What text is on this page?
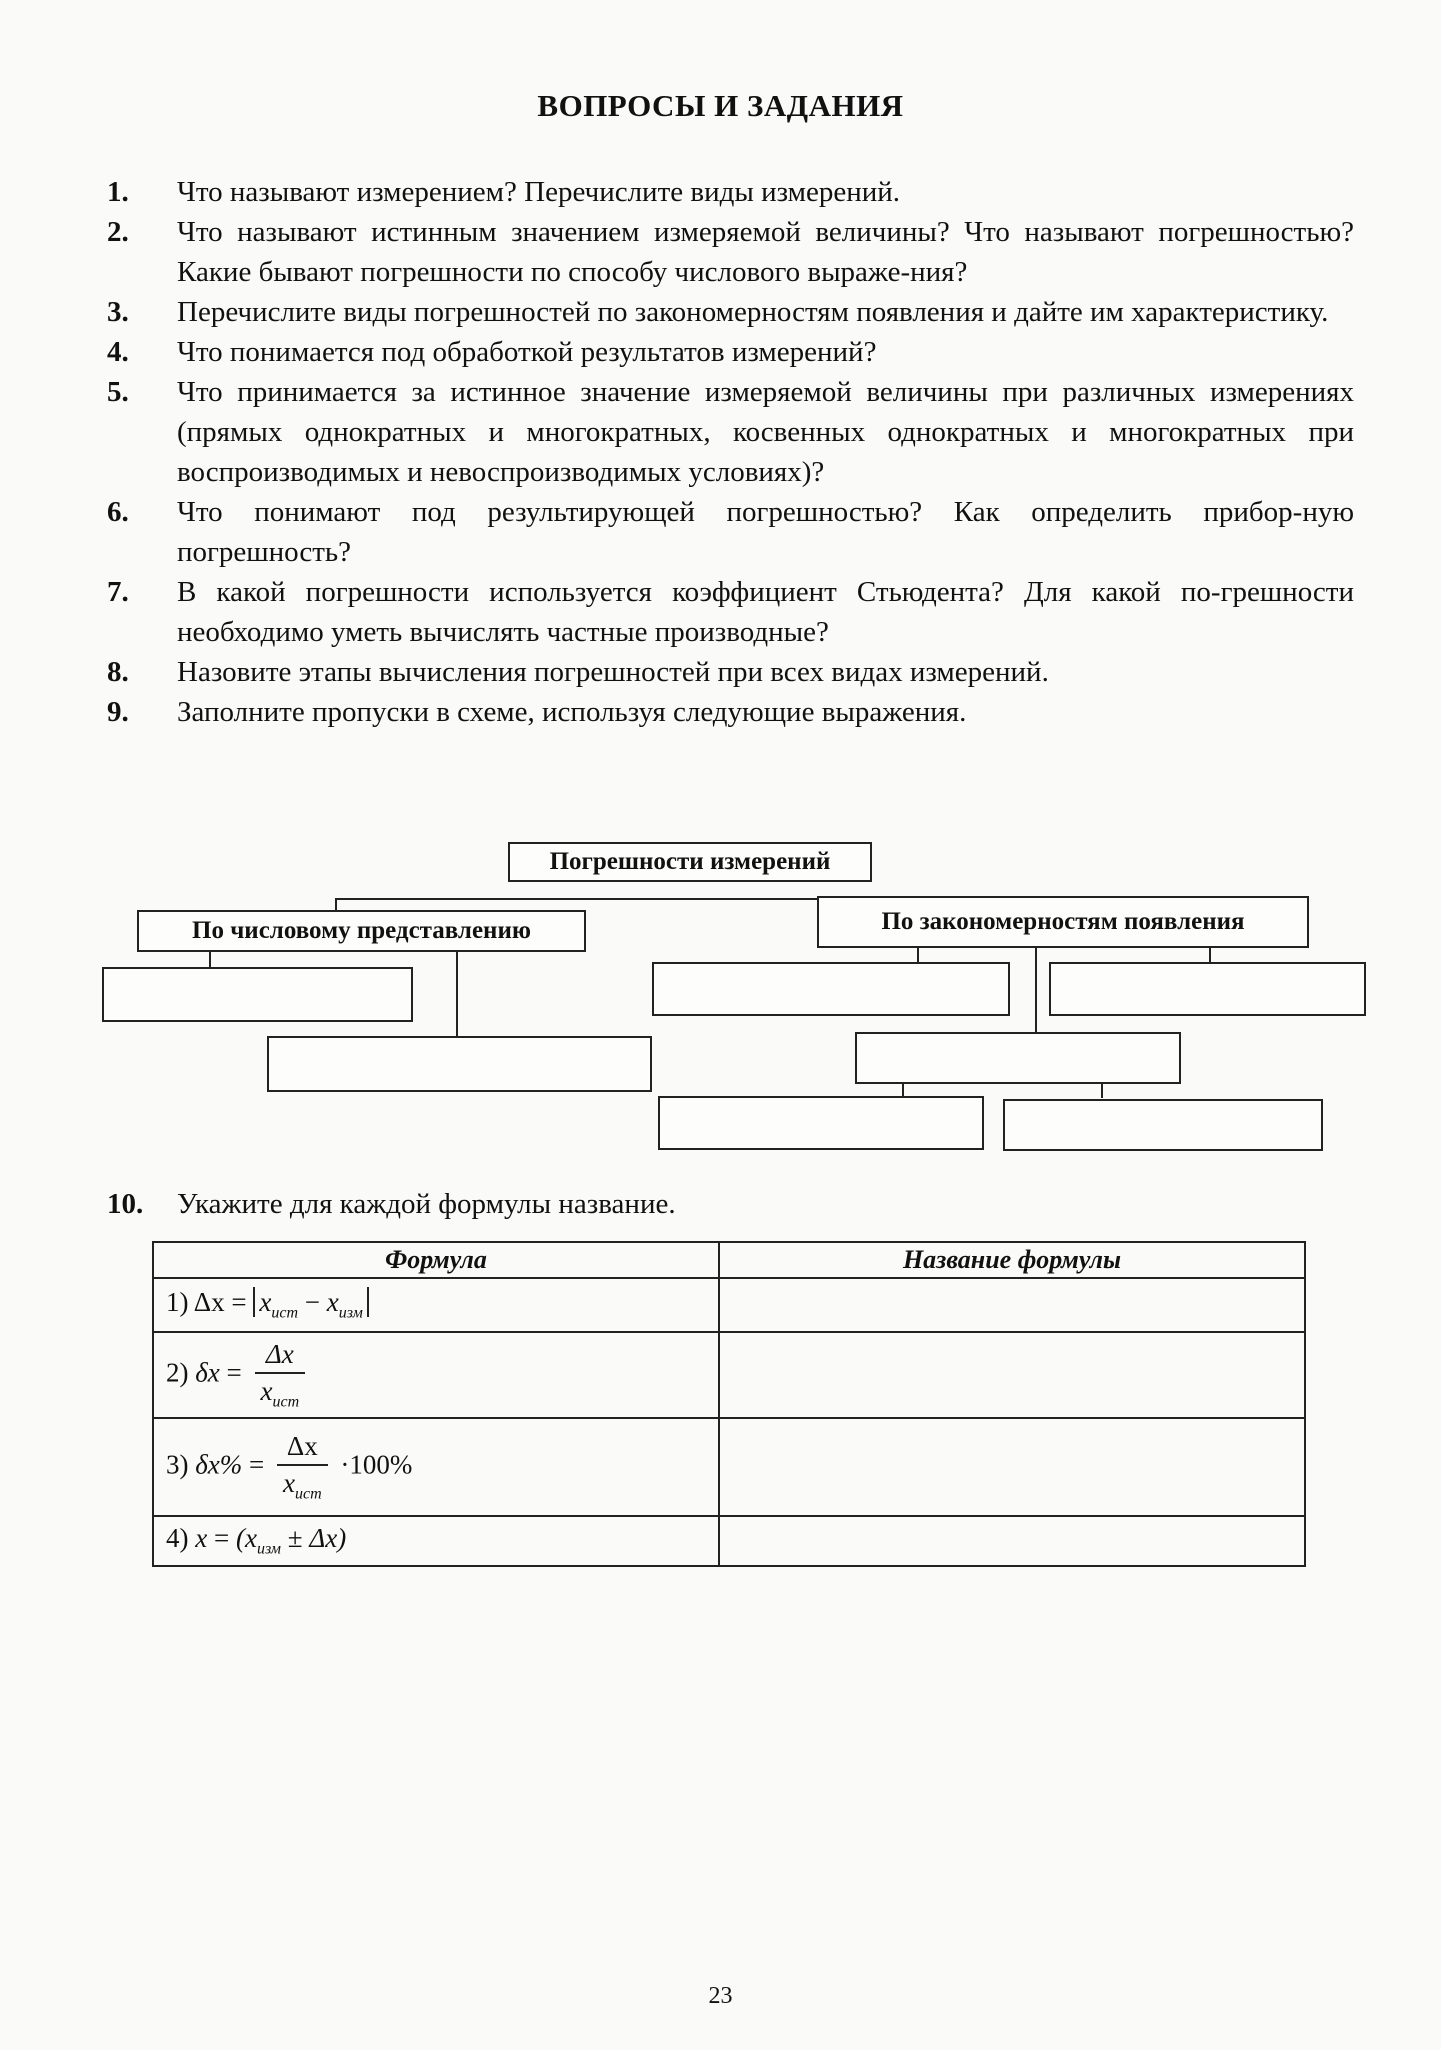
ВОПРОСЫ И ЗАДАНИЯ
1.	Что называют измерением? Перечислите виды измерений.
2.	Что называют истинным значением измеряемой величины? Что называют погрешностью? Какие бывают погрешности по способу числового выраже-ния?
3.	Перечислите виды погрешностей по закономерностям появления и дайте им характеристику.
4.	Что понимается под обработкой результатов измерений?
5.	Что принимается за истинное значение измеряемой величины при различных измерениях (прямых однократных и многократных, косвенных однократных и многократных при воспроизводимых и невоспроизводимых условиях)?
6.	Что понимают под результирующей погрешностью? Как определить прибор-ную погрешность?
7.	В какой погрешности используется коэффициент Стьюдента? Для какой по-грешности необходимо уметь вычислять частные производные?
8.	Назовите этапы вычисления погрешностей при всех видах измерений.
9.	Заполните пропуски в схеме, используя следующие выражения.
Погрешности измерений
По числовому представлению	По закономерностям появления
10.	Укажите для каждой формулы название.
Формула	Название формулы
1) $\Delta x = x_{ист} - x_{изм}$	
2) $\delta x = \frac{\Delta x}{x_{ист}}$

3) $\delta x\% = \frac{\Delta x}{x_{ист}} \cdot 100\%$	
4) $x = (x_{изм} \pm \Delta x)$	
23
